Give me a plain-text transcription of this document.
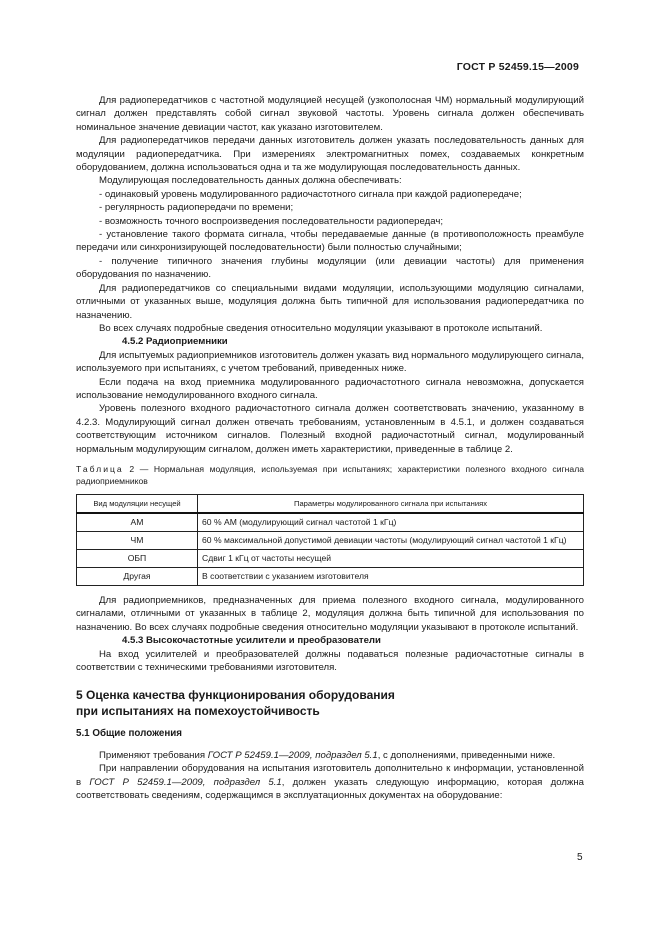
ГОСТ Р 52459.15—2009

Для радиопередатчиков с частотной модуляцией несущей (узкополосная ЧМ) нормальный модулирующий сигнал должен представлять собой сигнал звуковой частоты. Уровень сигнала должен обеспечивать номинальное значение девиации частот, как указано изготовителем.

Для радиопередатчиков передачи данных изготовитель должен указать последовательность данных для модуляции радиопередатчика. При измерениях электромагнитных помех, создаваемых конкретным оборудованием, должна использоваться одна и та же модулирующая последовательность данных.

Модулирующая последовательность данных должна обеспечивать:

- одинаковый уровень модулированного радиочастотного сигнала при каждой радиопередаче;

- регулярность радиопередачи по времени;

- возможность точного воспроизведения последовательности радиопередач;

- установление такого формата сигнала, чтобы передаваемые данные (в противоположность преамбуле передачи или синхронизирующей последовательности) были полностью случайными;

- получение типичного значения глубины модуляции (или девиации частоты) для применения оборудования по назначению.

Для радиопередатчиков со специальными видами модуляции, использующими модуляцию сигналами, отличными от указанных выше, модуляция должна быть типичной для использования радиопередатчика по назначению.

Во всех случаях подробные сведения относительно модуляции указывают в протоколе испытаний.

4.5.2 Радиоприемники

Для испытуемых радиоприемников изготовитель должен указать вид нормального модулирующего сигнала, используемого при испытаниях, с учетом требований, приведенных ниже.

Если подача на вход приемника модулированного радиочастотного сигнала невозможна, допускается использование немодулированного входного сигнала.

Уровень полезного входного радиочастотного сигнала должен соответствовать значению, указанному в 4.2.3. Модулирующий сигнал должен отвечать требованиям, установленным в 4.5.1, и должен создаваться соответствующим источником сигналов. Полезный входной радиочастотный сигнал, модулированный нормальным модулирующим сигналом, должен иметь характеристики, приведенные в таблице 2.

Таблица 2 — Нормальная модуляция, используемая при испытаниях; характеристики полезного входного сигнала радиоприемников
Вид модуляции несущей	Параметры модулированного сигнала при испытаниях
АМ	60 % АМ (модулирующий сигнал частотой 1 кГц)
ЧМ	60 % максимальной допустимой девиации частоты (модулирующий сигнал частотой 1 кГц)
ОБП	Сдвиг 1 кГц от частоты несущей
Другая	В соответствии с указанием изготовителя

Для радиоприемников, предназначенных для приема полезного входного сигнала, модулированного сигналами, отличными от указанных в таблице 2, модуляция должна быть типичной для использования по назначению. Во всех случаях подробные сведения относительно модуляции указывают в протоколе испытаний.

4.5.3 Высокочастотные усилители и преобразователи

На вход усилителей и преобразователей должны подаваться полезные радиочастотные сигналы в соответствии с техническими требованиями изготовителя.

5 Оценка качества функционирования оборудования
при испытаниях на помехоустойчивость
5.1 Общие положения

Применяют требования ГОСТ Р 52459.1—2009, подраздел 5.1, с дополнениями, приведенными ниже.

При направлении оборудования на испытания изготовитель дополнительно к информации, установленной в ГОСТ Р 52459.1—2009, подраздел 5.1, должен указать следующую информацию, которая должна соответствовать сведениям, содержащимся в эксплуатационных документах на оборудование:

5
